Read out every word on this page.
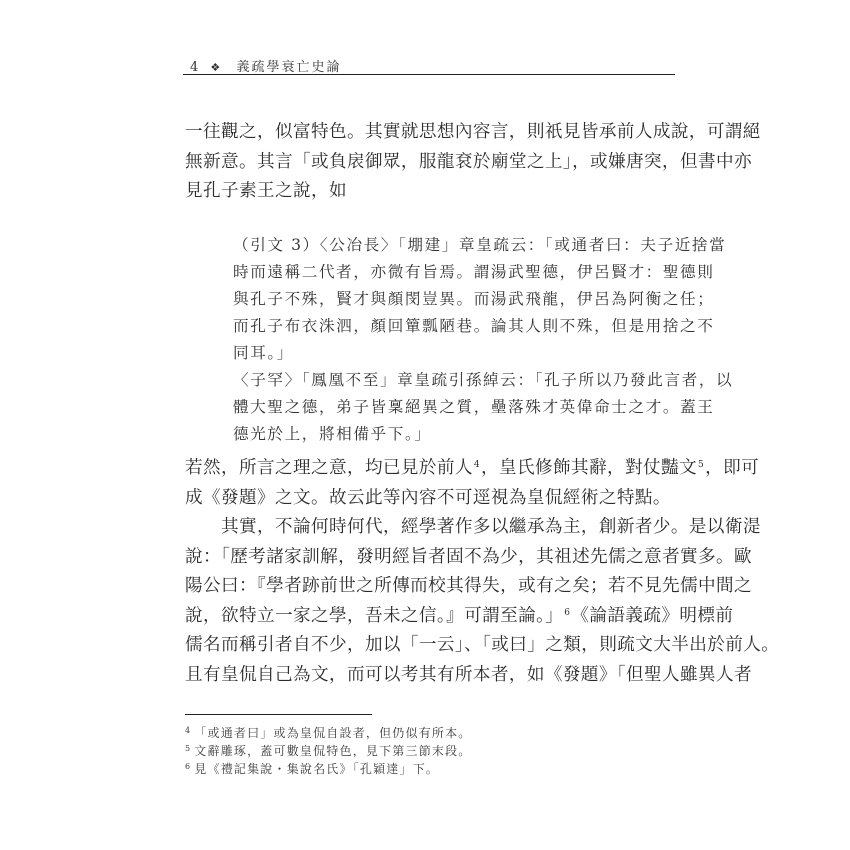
4 ❖ 義疏學衰亡史論
一往觀之，似富特色。其實就思想內容言，則祇見皆承前人成說，可謂絕
無新意。其言「或負扆御眾，服龍袞於廟堂之上」，或嫌唐突，但書中亦
見孔子素王之說，如
（引文 3）〈公冶長〉「堋建」章皇疏云：「或通者曰：夫子近捨當
時而遠稱二代者，亦微有旨焉。謂湯武聖德，伊呂賢才：聖德則
與孔子不殊，賢才與顏閔豈異。而湯武飛龍，伊呂為阿衡之任；
而孔子布衣洙泗，顏回簞瓢陋巷。論其人則不殊，但是用捨之不
同耳。」
〈子罕〉「鳳凰不至」章皇疏引孫綽云：「孔子所以乃發此言者，以
體大聖之德，弟子皆稟絕異之質，壘落殊才英偉命士之才。蓋王
德光於上，將相備乎下。」
若然，所言之理之意，均已見於前人$^4$，皇氏修飾其辭，對仗豔文$^5$，即可
成《發題》之文。故云此等內容不可逕視為皇侃經術之特點。
其實，不論何時何代，經學著作多以繼承為主，創新者少。是以衛湜
說：「歷考諸家訓解，發明經旨者固不為少，其祖述先儒之意者實多。歐
陽公曰：『學者跡前世之所傳而校其得失，或有之矣；若不見先儒中間之
說，欲特立一家之學，吾未之信。』可謂至論。」$^6$《論語義疏》明標前
儒名而稱引者自不少，加以「一云」、「或曰」之類，則疏文大半出於前人。
且有皇侃自己為文，而可以考其有所本者，如《發題》「但聖人雖異人者
$^4$ 「或通者曰」或為皇侃自設者，但仍似有所本。
$^5$ 文辭雕琢，蓋可數皇侃特色，見下第三節末段。
$^6$ 見《禮記集說・集說名氏》「孔穎達」下。
